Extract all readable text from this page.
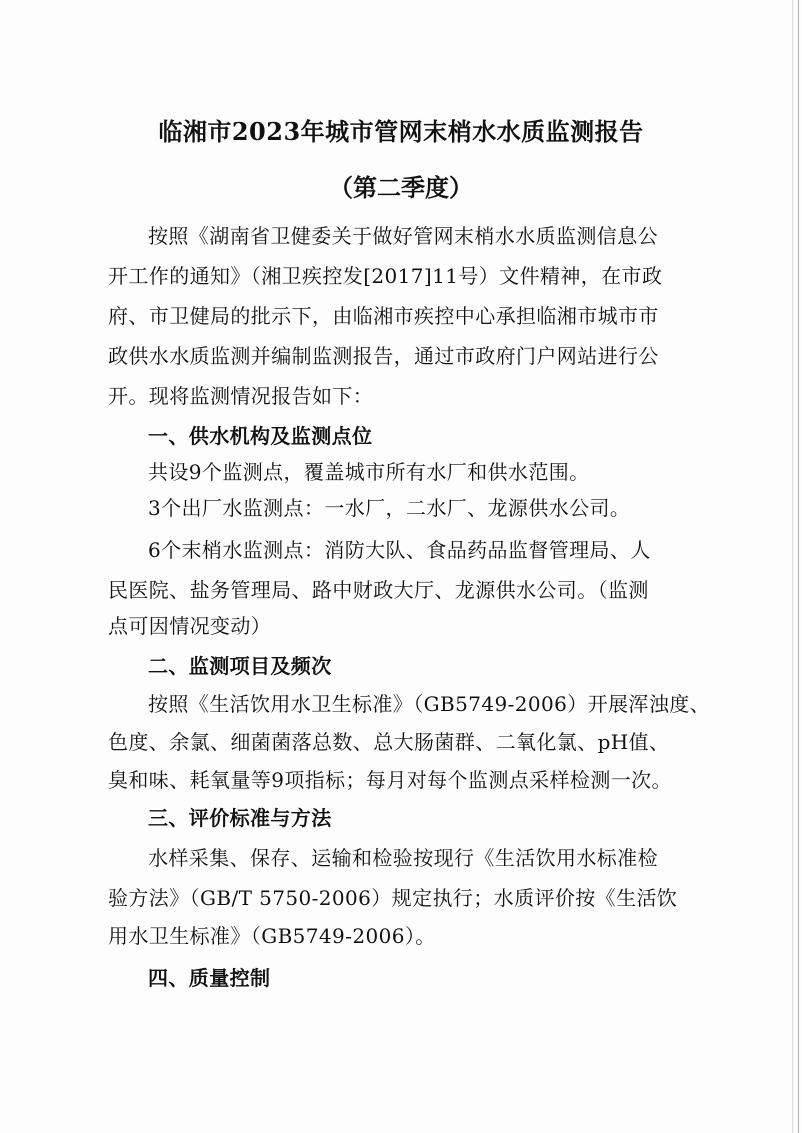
临湘市2023年城市管网末梢水水质监测报告
（第二季度）
按照《湖南省卫健委关于做好管网末梢水水质监测信息公
开工作的通知》（湘卫疾控发[2017]11号）文件精神，在市政
府、市卫健局的批示下，由临湘市疾控中心承担临湘市城市市
政供水水质监测并编制监测报告，通过市政府门户网站进行公
开。现将监测情况报告如下：
一、供水机构及监测点位
共设9个监测点，覆盖城市所有水厂和供水范围。
3个出厂水监测点：一水厂，二水厂、龙源供水公司。
6个末梢水监测点：消防大队、食品药品监督管理局、人
民医院、盐务管理局、路中财政大厅、龙源供水公司。（监测
点可因情况变动）
二、监测项目及频次
按照《生活饮用水卫生标准》（GB5749-2006）开展浑浊度、
色度、余氯、细菌菌落总数、总大肠菌群、二氧化氯、pH值、
臭和味、耗氧量等9项指标；每月对每个监测点采样检测一次。
三、评价标准与方法
水样采集、保存、运输和检验按现行《生活饮用水标准检
验方法》（GB/T 5750-2006）规定执行；水质评价按《生活饮
用水卫生标准》（GB5749-2006）。
四、质量控制
